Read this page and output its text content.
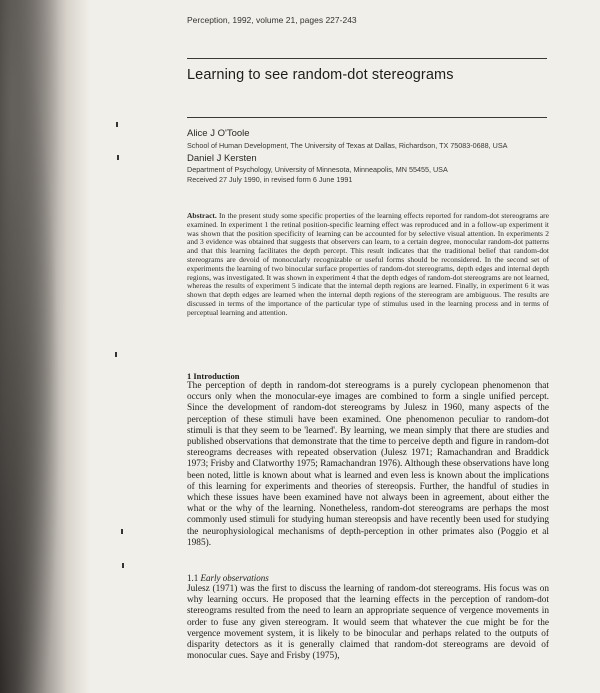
Perception, 1992, volume 21, pages 227-243
Learning to see random-dot stereograms
Alice J O'Toole
School of Human Development, The University of Texas at Dallas, Richardson, TX 75083-0688, USA
Daniel J Kersten
Department of Psychology, University of Minnesota, Minneapolis, MN 55455, USA
Received 27 July 1990, in revised form 6 June 1991
Abstract. In the present study some specific properties of the learning effects reported for random-dot stereograms are examined. In experiment 1 the retinal position-specific learning effect was reproduced and in a follow-up experiment it was shown that the position specificity of learning can be accounted for by selective visual attention. In experiments 2 and 3 evidence was obtained that suggests that observers can learn, to a certain degree, monocular random-dot patterns and that this learning facilitates the depth percept. This result indicates that the traditional belief that random-dot stereograms are devoid of monocularly recognizable or useful forms should be reconsidered. In the second set of experiments the learning of two binocular surface properties of random-dot stereograms, depth edges and internal depth regions, was investigated. It was shown in experiment 4 that the depth edges of random-dot stereograms are not learned, whereas the results of experiment 5 indicate that the internal depth regions are learned. Finally, in experiment 6 it was shown that depth edges are learned when the internal depth regions of the stereogram are ambiguous. The results are discussed in terms of the importance of the particular type of stimulus used in the learning process and in terms of perceptual learning and attention.
1 Introduction
The perception of depth in random-dot stereograms is a purely cyclopean phenomenon that occurs only when the monocular-eye images are combined to form a single unified percept. Since the development of random-dot stereograms by Julesz in 1960, many aspects of the perception of these stimuli have been examined. One phenomenon peculiar to random-dot stimuli is that they seem to be 'learned'. By learning, we mean simply that there are studies and published observations that demonstrate that the time to perceive depth and figure in random-dot stereograms decreases with repeated observation (Julesz 1971; Ramachandran and Braddick 1973; Frisby and Clatworthy 1975; Ramachandran 1976). Although these observations have long been noted, little is known about what is learned and even less is known about the implications of this learning for experiments and theories of stereopsis. Further, the handful of studies in which these issues have been examined have not always been in agreement, about either the what or the why of the learning. Nonetheless, random-dot stereograms are perhaps the most commonly used stimuli for studying human stereopsis and have recently been used for studying the neurophysiological mechanisms of depth-perception in other primates also (Poggio et al 1985).
1.1 Early observations
Julesz (1971) was the first to discuss the learning of random-dot stereograms. His focus was on why learning occurs. He proposed that the learning effects in the perception of random-dot stereograms resulted from the need to learn an appropriate sequence of vergence movements in order to fuse any given stereogram. It would seem that whatever the cue might be for the vergence movement system, it is likely to be binocular and perhaps related to the outputs of disparity detectors as it is generally claimed that random-dot stereograms are devoid of monocular cues. Saye and Frisby (1975),
